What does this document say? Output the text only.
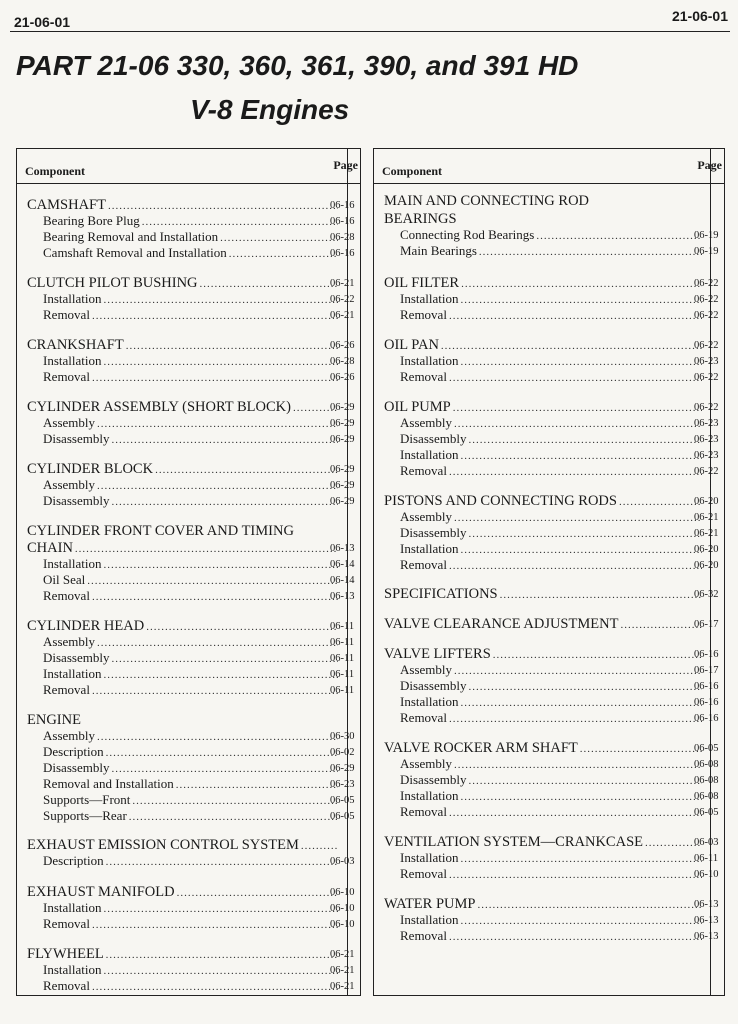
21-06-01	21-06-01
PART 21-06 330, 360, 361, 390, and 391 HD
V-8 Engines
Component	Page
CAMSHAFT .....	06-16
Bearing Bore Plug .....	06-16
Bearing Removal and Installation .....	06-28
Camshaft Removal and Installation .....	06-16
CLUTCH PILOT BUSHING .....	06-21
Installation .....	06-22
Removal .....	06-21
CRANKSHAFT .....	06-26
Installation .....	06-28
Removal .....	06-26
CYLINDER ASSEMBLY (SHORT BLOCK) .....	06-29
Assembly .....	06-29
Disassembly .....	06-29
CYLINDER BLOCK .....	06-29
Assembly .....	06-29
Disassembly .....	06-29
CYLINDER FRONT COVER AND TIMING
CHAIN .....	06-13
Installation .....	06-14
Oil Seal .....	06-14
Removal .....	06-13
CYLINDER HEAD .....	06-11
Assembly .....	06-11
Disassembly .....	06-11
Installation .....	06-11
Removal .....	06-11
ENGINE
Assembly .....	06-30
Description .....	06-02
Disassembly .....	06-29
Removal and Installation .....	06-23
Supports—Front .....	06-05
Supports—Rear .....	06-05
EXHAUST EMISSION CONTROL SYSTEM
.....
Description .....	06-03
EXHAUST MANIFOLD .....	06-10
Installation .....	06-10
Removal .....	06-10
FLYWHEEL .....	06-21
Installation .....	06-21
Removal .....	06-21
Component	Page
MAIN AND CONNECTING ROD
BEARINGS
Connecting Rod Bearings .....	06-19
Main Bearings .....	06-19
OIL FILTER .....	06-22
Installation .....	06-22
Removal .....	06-22
OIL PAN .....	06-22
Installation .....	06-23
Removal .....	06-22
OIL PUMP .....	06-22
Assembly .....	06-23
Disassembly .....	06-23
Installation .....	06-23
Removal .....	06-22
PISTONS AND CONNECTING RODS .....	06-20
Assembly .....	06-21
Disassembly .....	06-21
Installation .....	06-20
Removal .....	06-20
SPECIFICATIONS .....	06-32
VALVE CLEARANCE ADJUSTMENT .....	06-17
VALVE LIFTERS .....	06-16
Assembly .....	06-17
Disassembly .....	06-16
Installation .....	06-16
Removal .....	06-16
VALVE ROCKER ARM SHAFT .....	06-05
Assembly .....	06-08
Disassembly .....	06-08
Installation .....	06-08
Removal .....	06-05
VENTILATION SYSTEM—CRANKCASE .....	06-03
Installation .....	06-11
Removal .....	06-10
WATER PUMP .....	06-13
Installation .....	06-13
Removal .....	06-13
